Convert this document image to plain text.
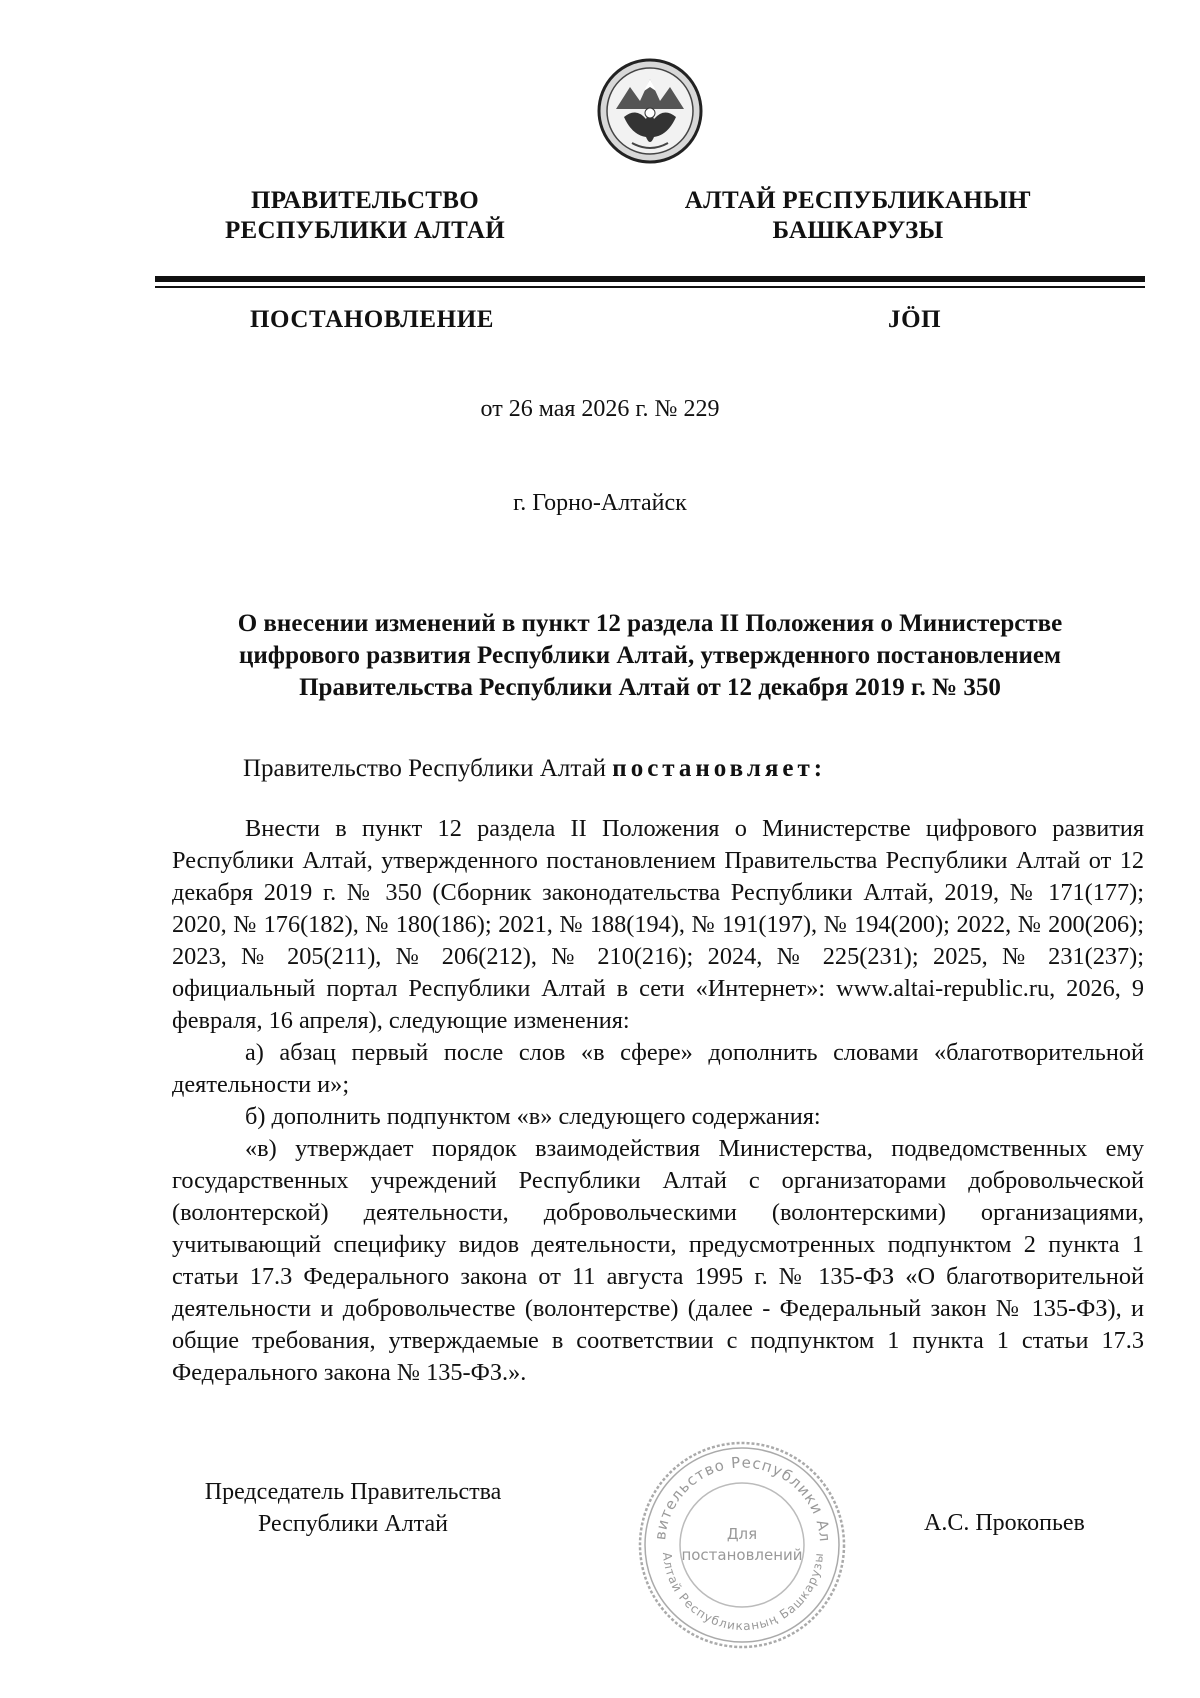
ПРАВИТЕЛЬСТВО
РЕСПУБЛИКИ АЛТАЙ
АЛТАЙ РЕСПУБЛИКАНЫҤ
БАШКАРУЗЫ
ПОСТАНОВЛЕНИЕ	JÖП
от 26 мая 2026 г. № 229
г. Горно-Алтайск
О внесении изменений в пункт 12 раздела II Положения о Министерстве
цифрового развития Республики Алтай, утвержденного постановлением
Правительства Республики Алтай от 12 декабря 2019 г. № 350
Правительство Республики Алтай постановляет:

Внести в пункт 12 раздела II Положения о Министерстве цифрового развития Республики Алтай, утвержденного постановлением Правительства Республики Алтай от 12 декабря 2019 г. № 350 (Сборник законодательства Республики Алтай, 2019, № 171(177); 2020, № 176(182), № 180(186); 2021, № 188(194), № 191(197), № 194(200); 2022, № 200(206); 2023, № 205(211), № 206(212), № 210(216); 2024, № 225(231); 2025, № 231(237); официальный портал Республики Алтай в сети «Интернет»: www.altai-republic.ru, 2026, 9 февраля, 16 апреля), следующие изменения:

а) абзац первый после слов «в сфере» дополнить словами «благотворительной деятельности и»;

б) дополнить подпунктом «в» следующего содержания:

«в) утверждает порядок взаимодействия Министерства, подведомственных ему государственных учреждений Республики Алтай с организаторами добровольческой (волонтерской) деятельности, добровольческими (волонтерскими) организациями, учитывающий специфику видов деятельности, предусмотренных подпунктом 2 пункта 1 статьи 17.3 Федерального закона от 11 августа 1995 г. № 135-ФЗ «О благотворительной деятельности и добровольчестве (волонтерстве) (далее - Федеральный закон № 135-ФЗ), и общие требования, утверждаемые в соответствии с подпунктом 1 пункта 1 статьи 17.3 Федерального закона № 135-ФЗ.».

Председатель Правительства
Республики Алтай	А.С. Прокопьев
вительство Республики Ал
Алтай Республиканың Башкарузы
Для
постановлений
